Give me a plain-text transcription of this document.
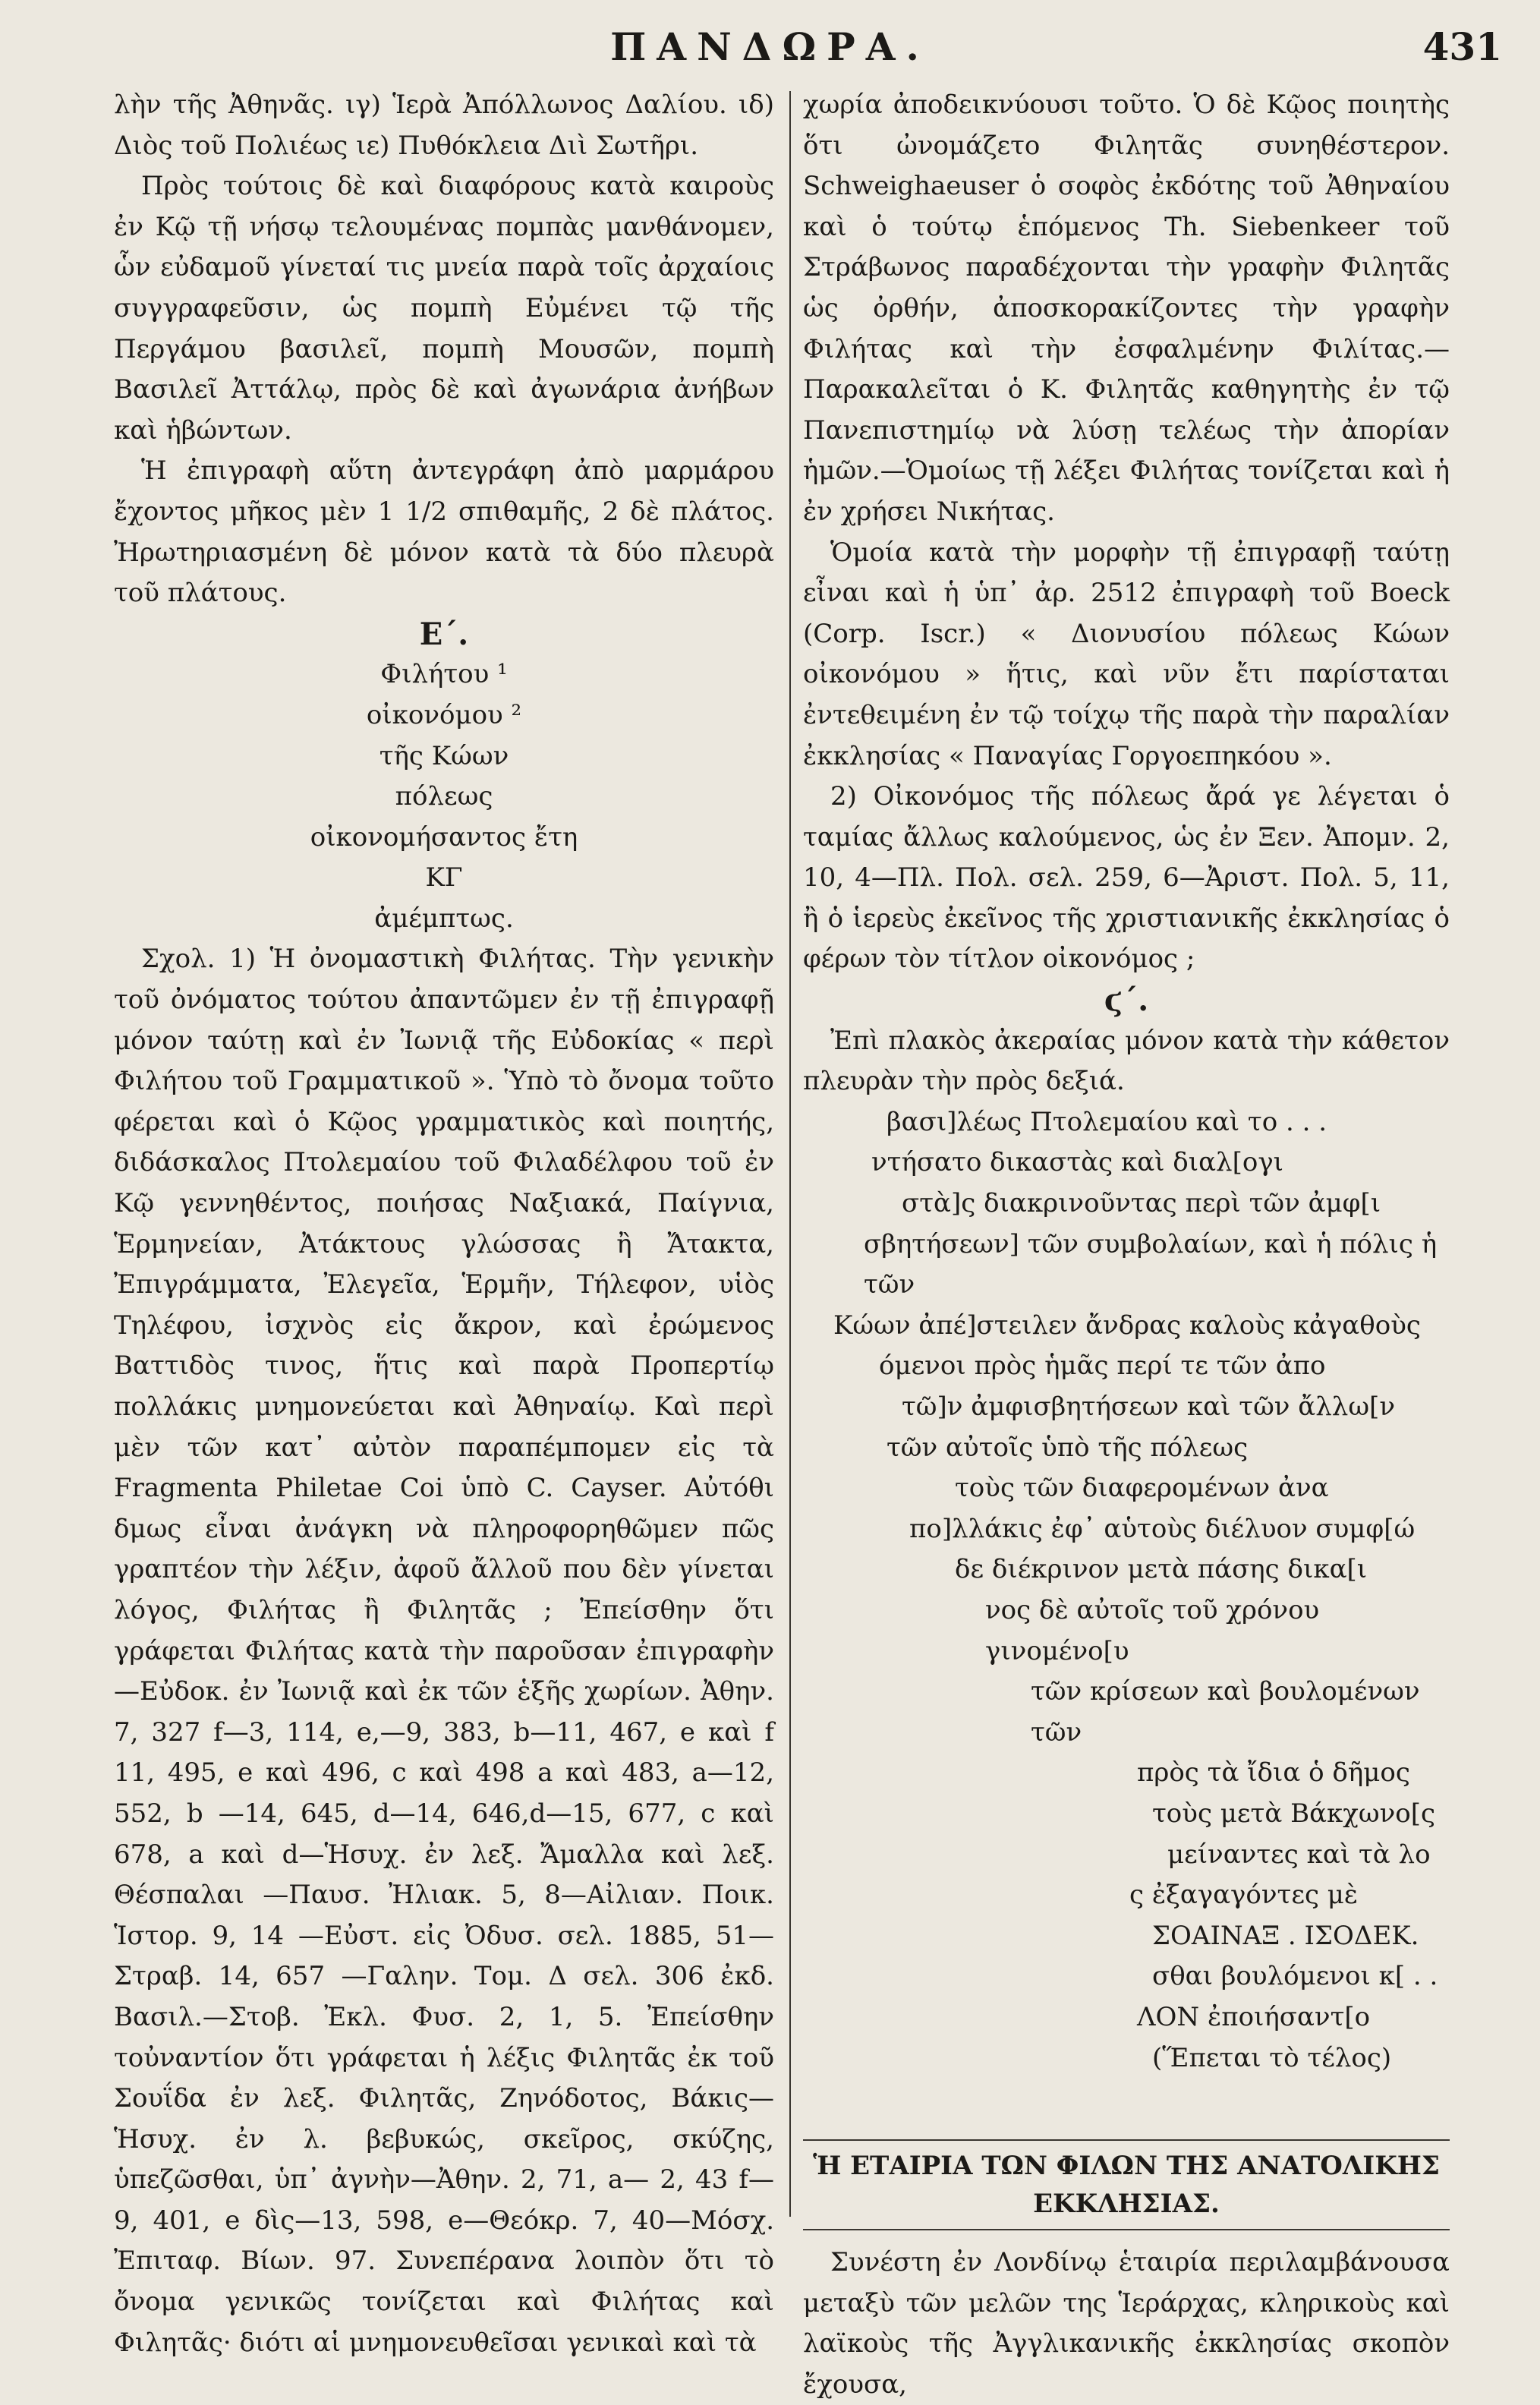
ΠΑΝΔΩΡΑ.	431

λὴν τῆς Ἀθηνᾶς. ιγ) Ἱερὰ Ἀπόλλωνος Δαλίου. ιδ) Διὸς τοῦ Πολιέως ιε) Πυθόκλεια Διὶ Σωτῆρι.

Πρὸς τούτοις δὲ καὶ διαφόρους κατὰ καιροὺς ἐν Κῷ τῇ νήσῳ τελουμένας πομπὰς μανθάνομεν, ὧν εὐδαμοῦ γίνεταί τις μνεία παρὰ τοῖς ἀρχαίοις συγγραφεῦσιν, ὡς πομπὴ Εὐμένει τῷ τῆς Περγάμου βασιλεῖ, πομπὴ Μουσῶν, πομπὴ Βασιλεῖ Ἀττάλῳ, πρὸς δὲ καὶ ἀγωνάρια ἀνήβων καὶ ἡβώντων.

Ἡ ἐπιγραφὴ αὕτη ἀντεγράφη ἀπὸ μαρμάρου ἔχοντος μῆκος μὲν 1 1/2 σπιθαμῆς, 2 δὲ πλάτος. Ἠρωτηριασμένη δὲ μόνον κατὰ τὰ δύο πλευρὰ τοῦ πλάτους.

Ε΄.
Φιλήτου ¹
οἰκονόμου ²
τῆς Κώων
πόλεως
οἰκονομήσαντος ἔτη
ΚΓ
ἀμέμπτως.

Σχολ. 1) Ἡ ὀνομαστικὴ Φιλήτας. Τὴν γενικὴν τοῦ ὀνόματος τούτου ἀπαντῶμεν ἐν τῇ ἐπιγραφῇ μόνον ταύτῃ καὶ ἐν Ἰωνιᾷ τῆς Εὐδοκίας « περὶ Φιλήτου τοῦ Γραμματικοῦ ». Ὑπὸ τὸ ὄνομα τοῦτο φέρεται καὶ ὁ Κῷος γραμματικὸς καὶ ποιητής, διδάσκαλος Πτολεμαίου τοῦ Φιλαδέλφου τοῦ ἐν Κῷ γεννηθέντος, ποιήσας Ναξιακά, Παίγνια, Ἑρμηνείαν, Ἀτάκτους γλώσσας ἢ Ἄτακτα, Ἐπιγράμματα, Ἐλεγεῖα, Ἑρμῆν, Τήλεφον, υἱὸς Τηλέφου, ἰσχνὸς εἰς ἄκρον, καὶ ἐρώμενος Βαττιδὸς τινος, ἥτις καὶ παρὰ Προπερτίῳ πολλάκις μνημονεύεται καὶ Ἀθηναίῳ. Καὶ περὶ μὲν τῶν κατ᾿ αὐτὸν παραπέμπομεν εἰς τὰ Fragmenta Philetae Coi ὑπὸ C. Cayser. Αὐτόθι δμως εἶναι ἀνάγκη νὰ πληροφορηθῶμεν πῶς γραπτέον τὴν λέξιν, ἀφοῦ ἄλλοῦ που δὲν γίνεται λόγος, Φιλήτας ἢ Φιλητᾶς ; Ἐπείσθην ὅτι γράφεται Φιλήτας κατὰ τὴν παροῦσαν ἐπιγραφὴν—Εὐδοκ. ἐν Ἰωνιᾷ καὶ ἐκ τῶν ἑξῆς χωρίων. Ἀθην. 7, 327 f—3, 114, e,—9, 383, b—11, 467, e καὶ f 11, 495, e καὶ 496, c καὶ 498 a καὶ 483, a—12, 552, b —14, 645, d—14, 646,d—15, 677, c καὶ 678, a καὶ d—Ἡσυχ. ἐν λεξ. Ἄμαλλα καὶ λεξ. Θέσπαλαι —Παυσ. Ἠλιακ. 5, 8—Αἰλιαν. Ποικ. Ἱστορ. 9, 14 —Εὐστ. εἰς Ὀδυσ. σελ. 1885, 51—Στραβ. 14, 657 —Γαλην. Τομ. Δ σελ. 306 ἐκδ. Βασιλ.—Στοβ. Ἐκλ. Φυσ. 2, 1, 5. Ἐπείσθην τοὐναντίον ὅτι γράφεται ἡ λέξις Φιλητᾶς ἐκ τοῦ Σουΐδα ἐν λεξ. Φιλητᾶς, Ζηνόδοτος, Βάκις—Ἡσυχ. ἐν λ. βεβυκώς, σκεῖρος, σκύζης, ὑπεζῶσθαι, ὑπ᾿ ἀγνὴν—Ἀθην. 2, 71, a— 2, 43 f—9, 401, e δὶς—13, 598, e—Θεόκρ. 7, 40—Μόσχ. Ἐπιταφ. Βίων. 97. Συνεπέρανα λοιπὸν ὅτι τὸ ὄνομα γενικῶς τονίζεται καὶ Φιλήτας καὶ Φιλητᾶς· διότι αἱ μνημονευθεῖσαι γενικαὶ καὶ τὰ

χωρία ἀποδεικνύουσι τοῦτο. Ὁ δὲ Κῷος ποιητὴς ὅτι ὠνομάζετο Φιλητᾶς συνηθέστερον. Schweighaeuser ὁ σοφὸς ἐκδότης τοῦ Ἀθηναίου καὶ ὁ τούτῳ ἑπόμενος Th. Siebenkeer τοῦ Στράβωνος παραδέχονται τὴν γραφὴν Φιλητᾶς ὡς ὀρθήν, ἀποσκορακίζοντες τὴν γραφὴν Φιλήτας καὶ τὴν ἐσφαλμένην Φιλίτας.—Παρακαλεῖται ὁ Κ. Φιλητᾶς καθηγητὴς ἐν τῷ Πανεπιστημίῳ νὰ λύσῃ τελέως τὴν ἀπορίαν ἡμῶν.—Ὁμοίως τῇ λέξει Φιλήτας τονίζεται καὶ ἡ ἐν χρήσει Νικήτας.

Ὁμοία κατὰ τὴν μορφὴν τῇ ἐπιγραφῇ ταύτῃ εἶναι καὶ ἡ ὑπ᾿ ἀρ. 2512 ἐπιγραφὴ τοῦ Boeck (Corp. Iscr.) « Διονυσίου πόλεως Κώων οἰκονόμου » ἥτις, καὶ νῦν ἔτι παρίσταται ἐντεθειμένη ἐν τῷ τοίχῳ τῆς παρὰ τὴν παραλίαν ἐκκλησίας « Παναγίας Γοργοεπηκόου ».

2) Οἰκονόμος τῆς πόλεως ἄρά γε λέγεται ὁ ταμίας ἄλλως καλούμενος, ὡς ἐν Ξεν. Ἀπομν. 2, 10, 4—Πλ. Πολ. σελ. 259, 6—Ἀριστ. Πολ. 5, 11, ἢ ὁ ἱερεὺς ἐκεῖνος τῆς χριστιανικῆς ἐκκλησίας ὁ φέρων τὸν τίτλον οἰκονόμος ;

ϛ΄.

Ἐπὶ πλακὸς ἀκεραίας μόνον κατὰ τὴν κάθετον πλευρὰν τὴν πρὸς δεξιά.

βασι]λέως Πτολεμαίου καὶ το . . .
ντήσατο δικαστὰς καὶ διαλ[ογι
στὰ]ς διακρινοῦντας περὶ τῶν ἀμφ[ι
σβητήσεων] τῶν συμβολαίων, καὶ ἡ πόλις ἡ τῶν
Κώων ἀπέ]στειλεν ἄνδρας καλοὺς κἀγαθοὺς
όμενοι πρὸς ἡμᾶς περί τε τῶν ἀπο
τῶ]ν ἀμφισβητήσεων καὶ τῶν ἄλλω[ν
τῶν αὐτοῖς ὑπὸ τῆς πόλεως
τοὺς τῶν διαφερομένων ἀνα
πο]λλάκις ἐφ᾿ αὑτοὺς διέλυον συμφ[ώ
δε διέκρινον μετὰ πάσης δικα[ι
νος δὲ αὐτοῖς τοῦ χρόνου γινομένο[υ
τῶν κρίσεων καὶ βουλομένων τῶν
πρὸς τὰ ἴδια ὁ δῆμος
τοὺς μετὰ Βάκχωνο[ς
μείναντες καὶ τὰ λο
ς ἐξαγαγόντες μὲ
ΣΟΑΙΝΑΞ . ΙΣΟΔΕΚ.
σθαι βουλόμενοι κ[ . .
ΛΟΝ ἐποιήσαντ[ο
(Ἕπεται τὸ τέλος)
Ἡ ΕΤΑΙΡΙΑ ΤΩΝ ΦΙΛΩΝ ΤΗΣ ΑΝΑΤΟΛΙΚΗΣ ΕΚΚΛΗΣΙΑΣ.

Συνέστη ἐν Λονδίνῳ ἑταιρία περιλαμβάνουσα μεταξὺ τῶν μελῶν της Ἱεράρχας, κληρικοὺς καὶ λαϊκοὺς τῆς Ἀγγλικανικῆς ἐκκλησίας σκοπὸν ἔχουσα,
